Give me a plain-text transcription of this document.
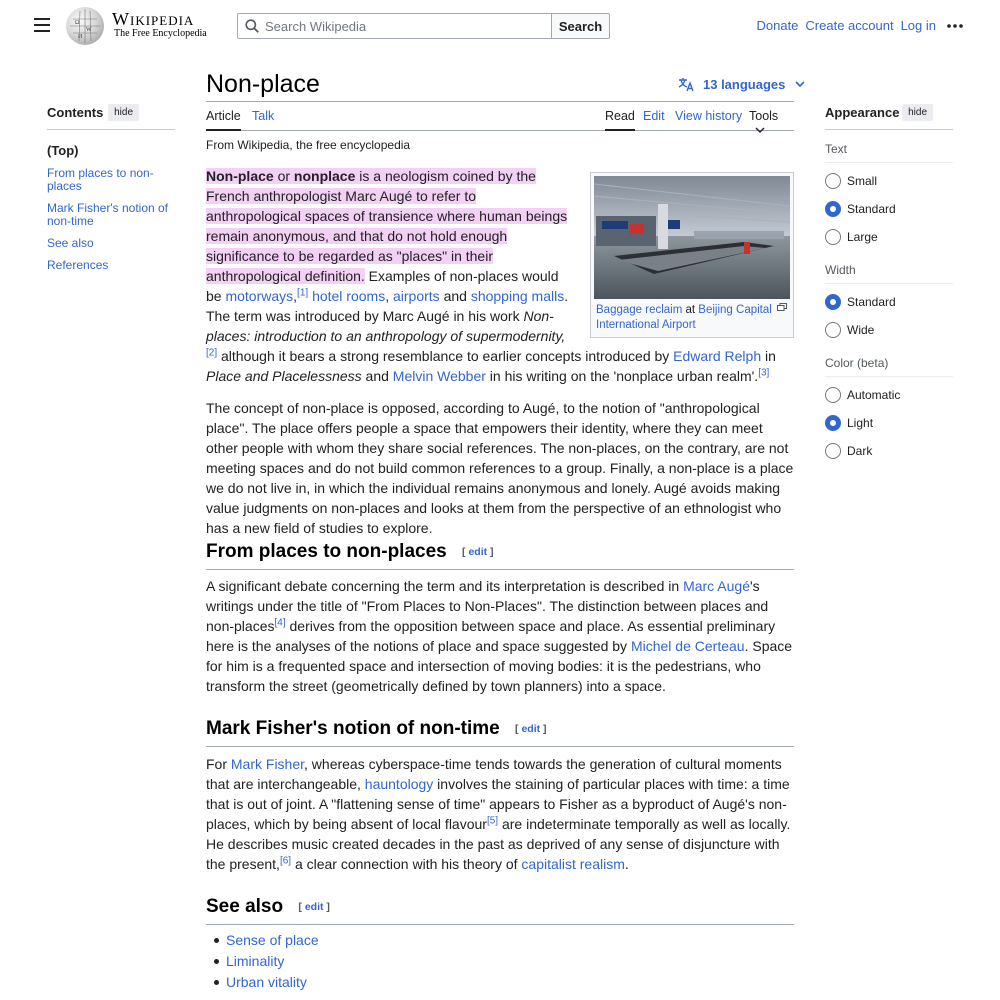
Ω
W
И
Wikipedia
The Free Encyclopedia
Search Wikipedia	Search	Donate Create account Log in
Contents	hide
(Top)
From places to non-places
Mark Fisher's notion of non-time
See also
References
Appearance hide
Text
Small
Standard
Large
Width
Standard
Wide
Color (beta)
Automatic
Light
Dark
Non-place	13 languages
Article Talk	Read Edit View history Tools
From Wikipedia, the free encyclopedia
Baggage reclaim at Beijing Capital International Airport
Non-place or nonplace is a neologism coined by the French anthropologist Marc Augé to refer to anthropological spaces of transience where human beings remain anonymous, and that do not hold enough significance to be regarded as "places" in their anthropological definition. Examples of non-places would be motorways,[1] hotel rooms, airports and shopping malls. The term was introduced by Marc Augé in his work Non-places: introduction to an anthropology of supermodernity,[2] although it bears a strong resemblance to earlier concepts introduced by Edward Relph in Place and Placelessness and Melvin Webber in his writing on the 'nonplace urban realm'.[3]
The concept of non-place is opposed, according to Augé, to the notion of "anthropological place". The place offers people a space that empowers their identity, where they can meet other people with whom they share social references. The non-places, on the contrary, are not meeting spaces and do not build common references to a group. Finally, a non-place is a place we do not live in, in which the individual remains anonymous and lonely. Augé avoids making value judgments on non-places and looks at them from the perspective of an ethnologist who has a new field of studies to explore.
From places to non-places [ edit ]
A significant debate concerning the term and its interpretation is described in Marc Augé's writings under the title of "From Places to Non-Places". The distinction between places and non-places[4] derives from the opposition between space and place. As essential preliminary here is the analyses of the notions of place and space suggested by Michel de Certeau. Space for him is a frequented space and intersection of moving bodies: it is the pedestrians, who transform the street (geometrically defined by town planners) into a space.
Mark Fisher's notion of non-time [ edit ]
For Mark Fisher, whereas cyberspace-time tends towards the generation of cultural moments that are interchangeable, hauntology involves the staining of particular places with time: a time that is out of joint. A "flattening sense of time" appears to Fisher as a byproduct of Augé's non-places, which by being absent of local flavour[5] are indeterminate temporally as well as locally. He describes music created decades in the past as deprived of any sense of disjuncture with the present,[6] a clear connection with his theory of capitalist realism.
See also [ edit ]
Sense of place
Liminality
Urban vitality
